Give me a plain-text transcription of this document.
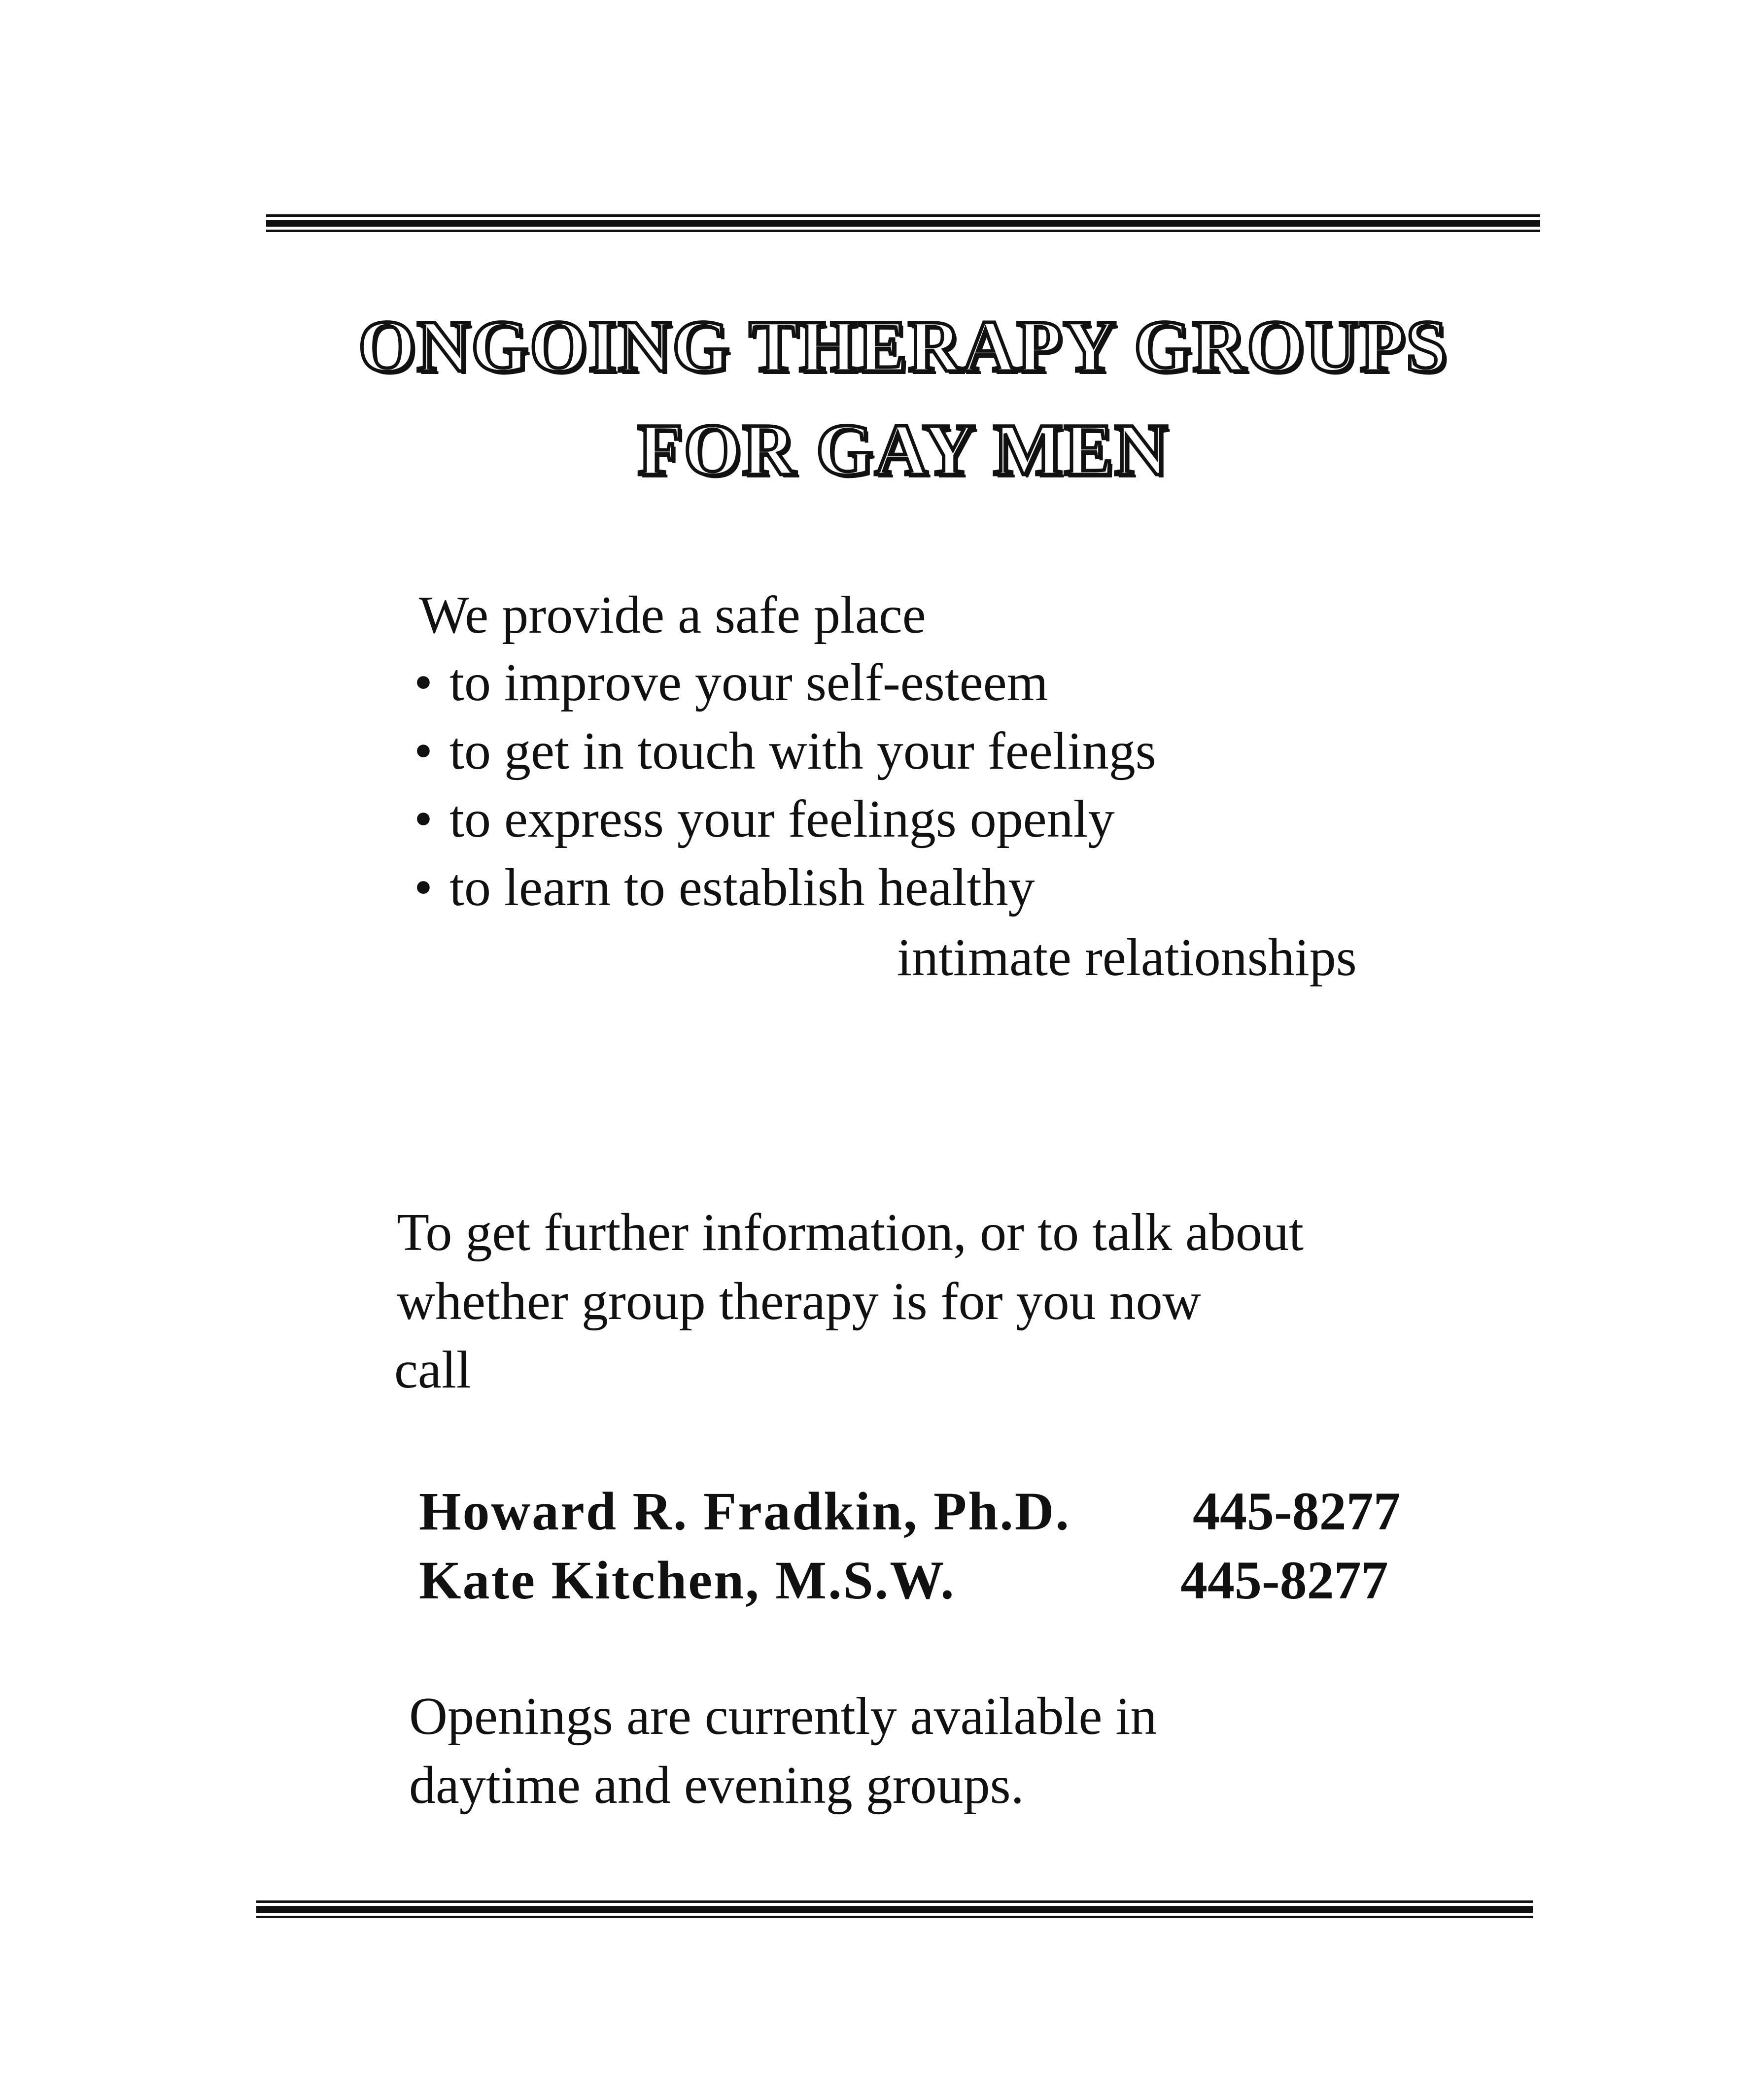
ONGOING THERAPY GROUPS
FOR GAY MEN
We provide a safe place
• to improve your self-esteem
• to get in touch with your feelings
• to express your feelings openly
• to learn to establish healthy
intimate relationships
To get further information, or to talk about
whether group therapy is for you now
call
Howard R. Fradkin, Ph.D. 445-8277
Kate Kitchen, M.S.W.	445-8277
Openings are currently available in
daytime and evening groups.
